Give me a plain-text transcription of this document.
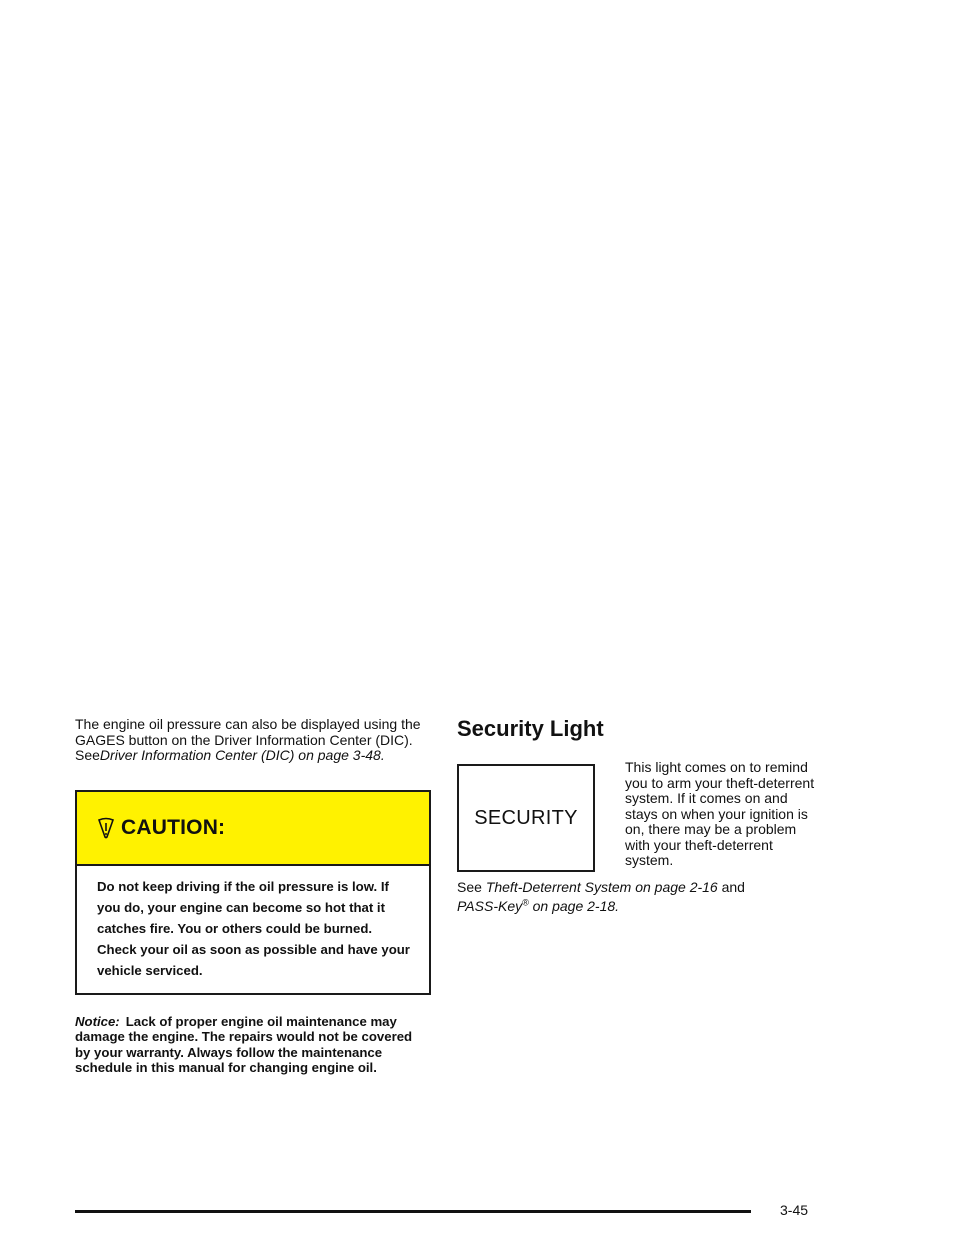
The engine oil pressure can also be displayed using the GAGES button on the Driver Information Center (DIC). SeeDriver Information Center (DIC) on page 3-48.

CAUTION:

Do not keep driving if the oil pressure is low. If you do, your engine can become so hot that it catches fire. You or others could be burned. Check your oil as soon as possible and have your vehicle serviced.

Notice: Lack of proper engine oil maintenance may damage the engine. The repairs would not be covered by your warranty. Always follow the maintenance schedule in this manual for changing engine oil.

Security Light
SECURITY

This light comes on to remind you to arm your theft-deterrent system. If it comes on and stays on when your ignition is on, there may be a problem with your theft-deterrent system.

See Theft-Deterrent System on page 2-16 and
PASS-Key® on page 2-18.

3-45
